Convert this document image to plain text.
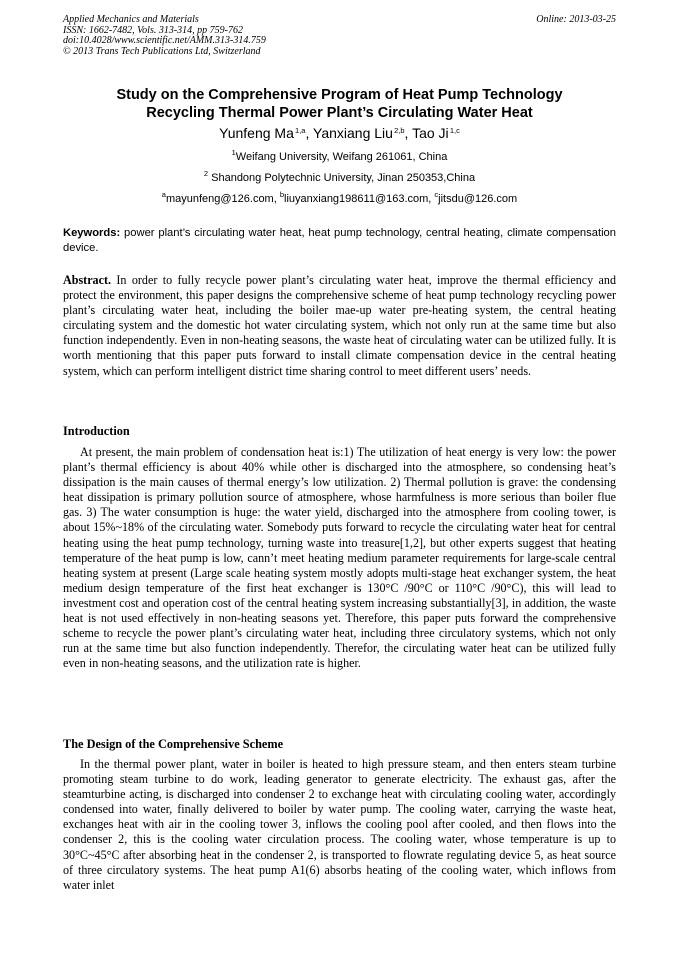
Applied Mechanics and Materials
ISSN: 1662-7482, Vols. 313-314, pp 759-762
doi:10.4028/www.scientific.net/AMM.313-314.759
© 2013 Trans Tech Publications Ltd, Switzerland
Online: 2013-03-25
Study on the Comprehensive Program of Heat Pump Technology
Recycling Thermal Power Plant’s Circulating Water Heat
Yunfeng Ma $^{1,a}$, Yanxiang Liu $^{2,b}$, Tao Ji $^{1,c}$
$^1$Weifang University, Weifang 261061, China
$^2$ Shandong Polytechnic University, Jinan 250353,China
$^a$mayunfeng@126.com, $^b$liuyanxiang198611@163.com, $^c$jitsdu@126.com
Keywords: power plant’s circulating water heat, heat pump technology, central heating, climate compensation device.
Abstract. In order to fully recycle power plant’s circulating water heat, improve the thermal efficiency and protect the environment, this paper designs the comprehensive scheme of heat pump technology recycling power plant’s circulating water heat, including the boiler mae-up water pre-heating system, the central heating circulating system and the domestic hot water circulating system, which not only run at the same time but also function independently. Even in non-heating seasons, the waste heat of circulating water can be utilized fully. It is worth mentioning that this paper puts forward to install climate compensation device in the central heating system, which can perform intelligent district time sharing control to meet different users’ needs.
Introduction
At present, the main problem of condensation heat is:1) The utilization of heat energy is very low: the power plant’s thermal efficiency is about 40% while other is discharged into the atmosphere, so condensing heat’s dissipation is the main causes of thermal energy’s low utilization. 2) Thermal pollution is grave: the condensing heat dissipation is primary pollution source of atmosphere, whose harmfulness is more serious than boiler flue gas. 3) The water consumption is huge: the water yield, discharged into the atmosphere from cooling tower, is about 15%~18% of the circulating water. Somebody puts forward to recycle the circulating water heat for central heating using the heat pump technology, turning waste into treasure[1,2], but other experts suggest that heating temperature of the heat pump is low, cann’t meet heating medium parameter requirements for large-scale central heating system at present (Large scale heating system mostly adopts multi-stage heat exchanger system, the heat medium design temperature of the first heat exchanger is 130°C /90°C or 110°C /90°C), this will lead to investment cost and operation cost of the central heating system increasing substantially[3], in addition, the waste heat is not used effectively in non-heating seasons yet. Therefore, this paper puts forward the comprehensive scheme to recycle the power plant’s circulating water heat, including three circulatory systems, which not only run at the same time but also function independently. Therefor, the circulating water heat can be utilized fully even in non-heating seasons, and the utilization rate is higher.
The Design of the Comprehensive Scheme
In the thermal power plant, water in boiler is heated to high pressure steam, and then enters steam turbine promoting steam turbine to do work, leading generator to generate electricity. The exhaust gas, after the steamturbine acting, is discharged into condenser 2 to exchange heat with circulating cooling water, accordingly condensed into water, finally delivered to boiler by water pump. The cooling water, carrying the waste heat, exchanges heat with air in the cooling tower 3, inflows the cooling pool after cooled, and then flows into the condenser 2, this is the cooling water circulation process. The cooling water, whose temperature is up to 30°C~45°C after absorbing heat in the condenser 2, is transported to flowrate regulating device 5, as heat source of three circulatory systems. The heat pump A1(6) absorbs heating of the cooling water, which inflows from water inlet
